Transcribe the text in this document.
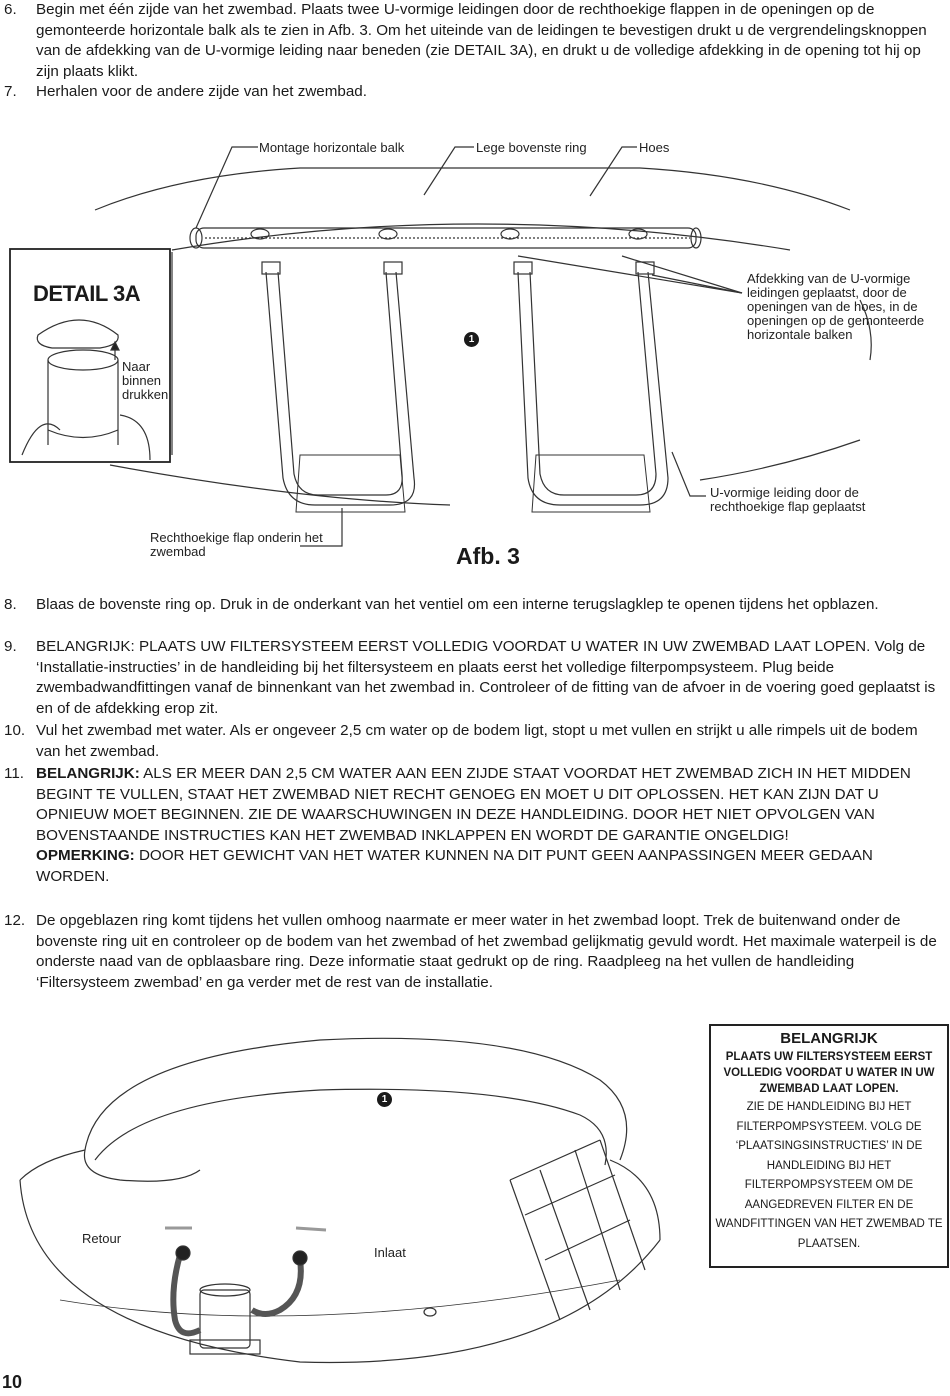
6. Begin met één zijde van het zwembad. Plaats twee U-vormige leidingen door de rechthoekige flappen in de openingen op de gemonteerde horizontale balk als te zien in Afb. 3. Om het uiteinde van de leidingen te bevestigen drukt u de vergrendelingsknoppen van de afdekking van de U-vormige leiding naar beneden (zie DETAIL 3A), en drukt u de volledige afdekking in de opening tot hij op zijn plaats klikt.
7. Herhalen voor de andere zijde van het zwembad.
Montage horizontale balk	Lege bovenste ring	Hoes
Afdekking van de U-vormige leidingen geplaatst, door de openingen van de hoes, in de openingen op de gemonteerde horizontale balken
U-vormige leiding door de rechthoekige flap geplaatst
Rechthoekige flap onderin het zwembad
DETAIL 3A
Naar binnen drukken
1
Afb. 3
8. Blaas de bovenste ring op. Druk in de onderkant van het ventiel om een interne terugslagklep te openen tijdens het opblazen.
9. BELANGRIJK: PLAATS UW FILTERSYSTEEM EERST VOLLEDIG VOORDAT U WATER IN UW ZWEMBAD LAAT LOPEN. Volg de ‘Installatie-instructies’ in de handleiding bij het filtersysteem en plaats eerst het volledige filterpompsysteem. Plug beide zwembadwandfittingen vanaf de binnenkant van het zwembad in. Controleer of de fitting van de afvoer in de voering goed geplaatst is en of de afdekking erop zit.
10. Vul het zwembad met water. Als er ongeveer 2,5 cm water op de bodem ligt, stopt u met vullen en strijkt u alle rimpels uit de bodem van het zwembad.
11. BELANGRIJK: ALS ER MEER DAN 2,5 CM WATER AAN EEN ZIJDE STAAT VOORDAT HET ZWEMBAD ZICH IN HET MIDDEN BEGINT TE VULLEN, STAAT HET ZWEMBAD NIET RECHT GENOEG EN MOET U DIT OPLOSSEN. HET KAN ZIJN DAT U OPNIEUW MOET BEGINNEN. ZIE DE WAARSCHUWINGEN IN DEZE HANDLEIDING. DOOR HET NIET OPVOLGEN VAN BOVENSTAANDE INSTRUCTIES KAN HET ZWEMBAD INKLAPPEN EN WORDT DE GARANTIE ONGELDIG!
OPMERKING: DOOR HET GEWICHT VAN HET WATER KUNNEN NA DIT PUNT GEEN AANPASSINGEN MEER GEDAAN WORDEN.
12. De opgeblazen ring komt tijdens het vullen omhoog naarmate er meer water in het zwembad loopt. Trek de buitenwand onder de bovenste ring uit en controleer op de bodem van het zwembad of het zwembad gelijkmatig gevuld wordt. Het maximale waterpeil is de onderste naad van de opblaasbare ring. Deze informatie staat gedrukt op de ring. Raadpleeg na het vullen de handleiding ‘Filtersysteem zwembad’ en ga verder met de rest van de installatie.
Retour
Inlaat
1
BELANGRIJK
PLAATS UW FILTERSYSTEEM EERST VOLLEDIG VOORDAT U WATER IN UW ZWEMBAD LAAT LOPEN.
ZIE DE HANDLEIDING BIJ HET FILTERPOMPSYSTEEM. VOLG DE ‘PLAATSINGSINSTRUCTIES’ IN DE HANDLEIDING BIJ HET FILTERPOMPSYSTEEM OM DE AANGEDREVEN FILTER EN DE WANDFITTINGEN VAN HET ZWEMBAD TE PLAATSEN.
10
